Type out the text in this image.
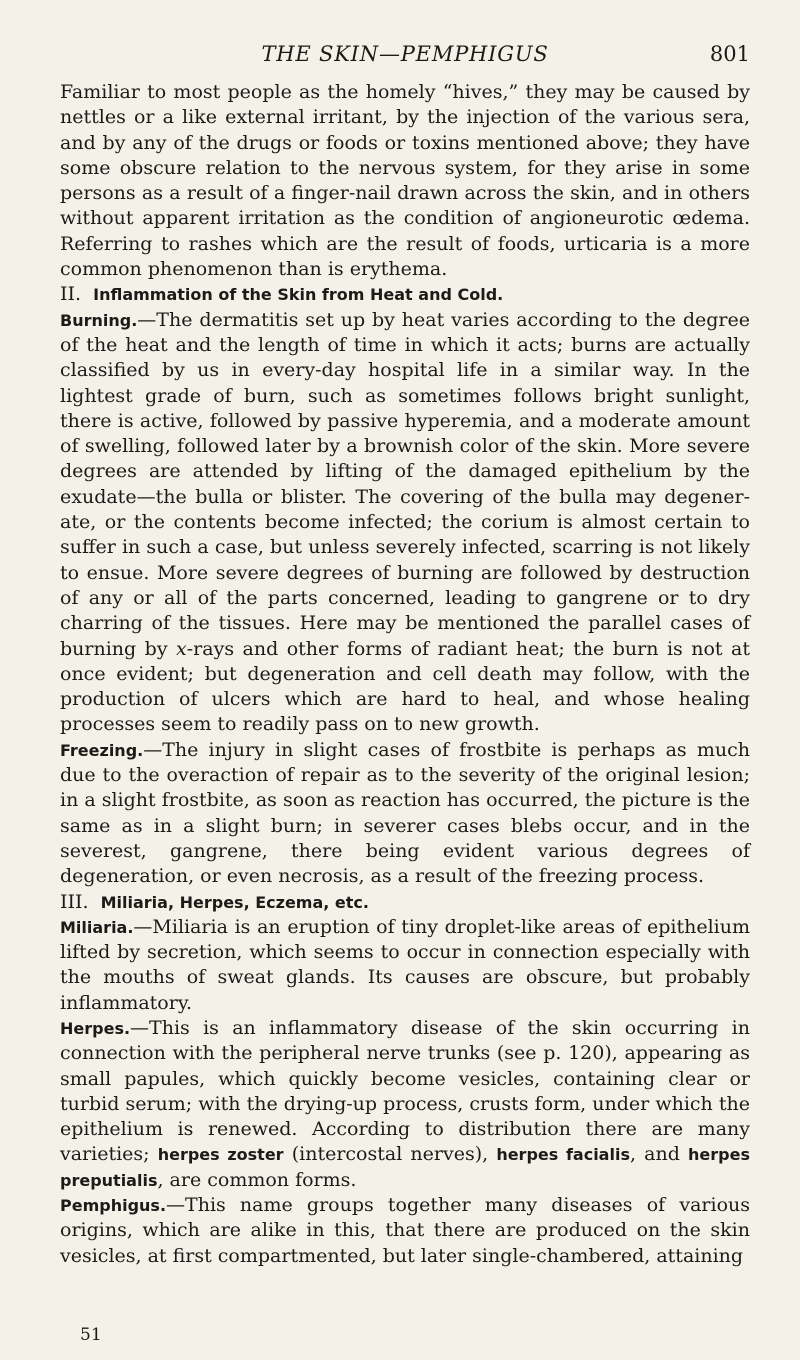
THE SKIN—PEMPHIGUS	801

Familiar to most people as the homely “hives,” they may be caused by nettles or a like external irritant, by the injection of the various sera, and by any of the drugs or foods or toxins mentioned above; they have some obscure relation to the nervous system, for they arise in some persons as a result of a finger-nail drawn across the skin, and in others without apparent irritation as the condition of angioneurotic œdema. Referring to rashes which are the result of foods, urticaria is a more common phenomenon than is erythema.

II. Inflammation of the Skin from Heat and Cold.

Burning.—The dermatitis set up by heat varies according to the degree of the heat and the length of time in which it acts; burns are actually classified by us in every-day hospital life in a similar way. In the lightest grade of burn, such as sometimes follows bright sunlight, there is active, followed by passive hyperemia, and a moderate amount of swelling, followed later by a brownish color of the skin. More severe degrees are attended by lifting of the damaged epithelium by the exudate—the bulla or blister. The covering of the bulla may degenerate, or the contents become infected; the corium is almost certain to suffer in such a case, but unless severely infected, scarring is not likely to ensue. More severe degrees of burning are followed by destruction of any or all of the parts concerned, leading to gangrene or to dry charring of the tissues. Here may be mentioned the parallel cases of burning by x-rays and other forms of radiant heat; the burn is not at once evident; but degeneration and cell death may follow, with the production of ulcers which are hard to heal, and whose healing processes seem to readily pass on to new growth.

Freezing.—The injury in slight cases of frostbite is perhaps as much due to the overaction of repair as to the severity of the original lesion; in a slight frostbite, as soon as reaction has occurred, the picture is the same as in a slight burn; in severer cases blebs occur, and in the severest, gangrene, there being evident various degrees of degeneration, or even necrosis, as a result of the freezing process.

III. Miliaria, Herpes, Eczema, etc.

Miliaria.—Miliaria is an eruption of tiny droplet-like areas of epithelium lifted by secretion, which seems to occur in connection especially with the mouths of sweat glands. Its causes are obscure, but probably inflammatory.

Herpes.—This is an inflammatory disease of the skin occurring in connection with the peripheral nerve trunks (see p. 120), appearing as small papules, which quickly become vesicles, containing clear or turbid serum; with the drying-up process, crusts form, under which the epithelium is renewed. According to distribution there are many varieties; herpes zoster (intercostal nerves), herpes facialis, and herpes preputialis, are common forms.

Pemphigus.—This name groups together many diseases of various origins, which are alike in this, that there are produced on the skin vesicles, at first compartmented, but later single-chambered, attaining

51
